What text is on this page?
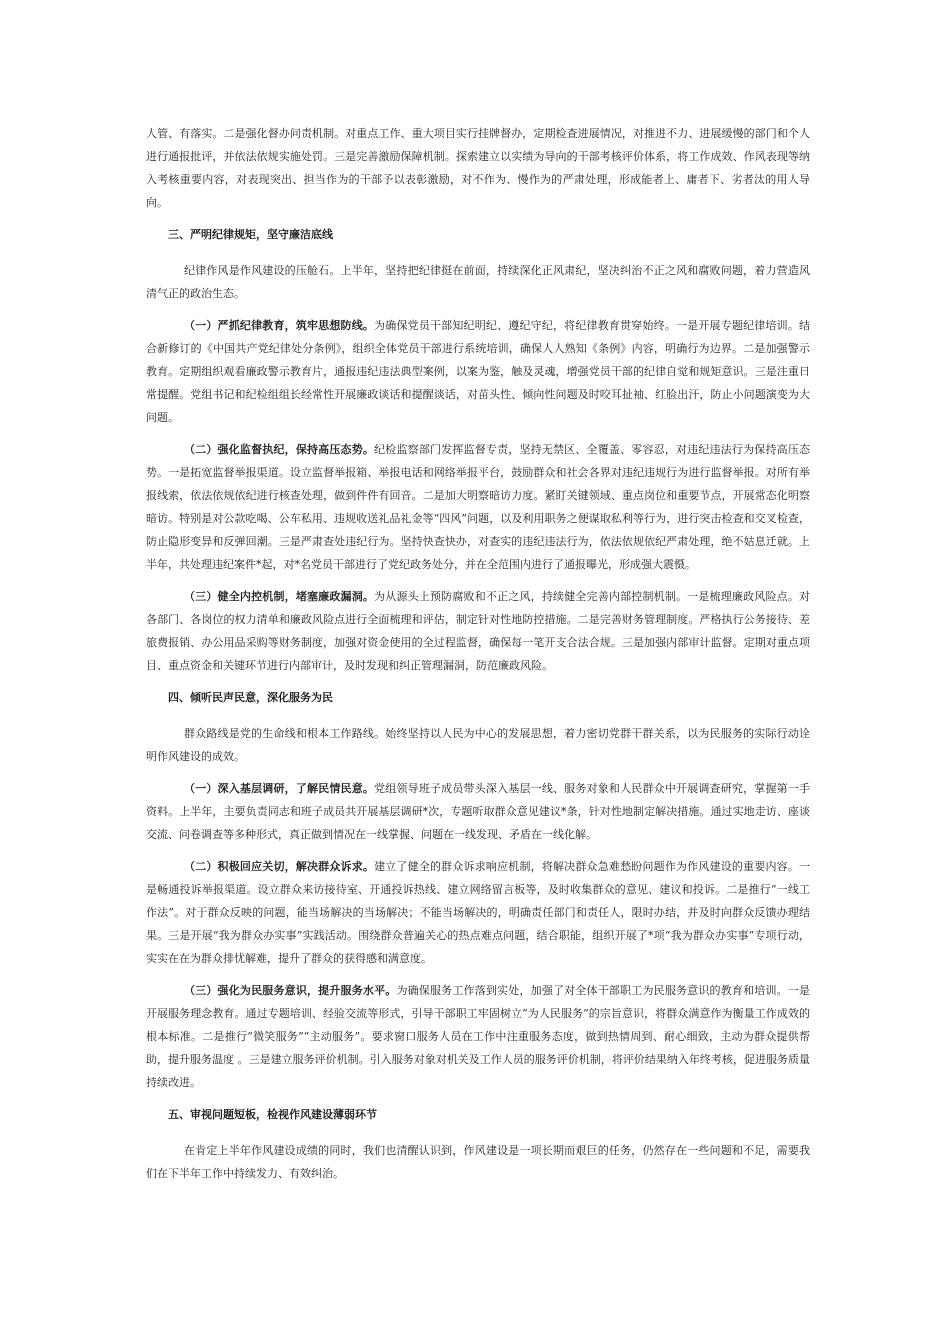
人管、有落实。二是强化督办问责机制。对重点工作、重大项目实行挂牌督办，定期检查进展情况，对推进不力、进展缓慢的部门和个人进行通报批评，并依法依规实施处罚。三是完善激励保障机制。探索建立以实绩为导向的干部考核评价体系，将工作成效、作风表现等纳入考核重要内容，对表现突出、担当作为的干部予以表彰激励，对不作为、慢作为的严肃处理，形成能者上、庸者下、劣者汰的用人导向。

三、严明纪律规矩，坚守廉洁底线

纪律作风是作风建设的压舱石。上半年，坚持把纪律挺在前面，持续深化正风肃纪，坚决纠治不正之风和腐败问题，着力营造风清气正的政治生态。

（一）严抓纪律教育，筑牢思想防线。为确保党员干部知纪明纪、遵纪守纪，将纪律教育贯穿始终。一是开展专题纪律培训。结合新修订的《中国共产党纪律处分条例》，组织全体党员干部进行系统培训，确保人人熟知《条例》内容，明确行为边界。二是加强警示教育。定期组织观看廉政警示教育片，通报违纪违法典型案例，以案为鉴，触及灵魂，增强党员干部的纪律自觉和规矩意识。三是注重日常提醒。党组书记和纪检组组长经常性开展廉政谈话和提醒谈话，对苗头性、倾向性问题及时咬耳扯袖、红脸出汗，防止小问题演变为大问题。

（二）强化监督执纪，保持高压态势。纪检监察部门发挥监督专责，坚持无禁区、全覆盖、零容忍，对违纪违法行为保持高压态势。一是拓宽监督举报渠道。设立监督举报箱、举报电话和网络举报平台，鼓励群众和社会各界对违纪违规行为进行监督举报。对所有举报线索，依法依规依纪进行核查处理，做到件件有回音。二是加大明察暗访力度。紧盯关键领域、重点岗位和重要节点，开展常态化明察暗访。特别是对公款吃喝、公车私用、违规收送礼品礼金等“四风”问题，以及利用职务之便谋取私利等行为，进行突击检查和交叉检查，防止隐形变异和反弹回潮。三是严肃查处违纪行为。坚持快查快办，对查实的违纪违法行为，依法依规依纪严肃处理，绝不姑息迁就。上半年，共处理违纪案件*起，对*名党员干部进行了党纪政务处分，并在全范围内进行了通报曝光，形成强大震慑。

（三）健全内控机制，堵塞廉政漏洞。为从源头上预防腐败和不正之风，持续健全完善内部控制机制。一是梳理廉政风险点。对各部门、各岗位的权力清单和廉政风险点进行全面梳理和评估，制定针对性地防控措施。二是完善财务管理制度。严格执行公务接待、差旅费报销、办公用品采购等财务制度，加强对资金使用的全过程监督，确保每一笔开支合法合规。三是加强内部审计监督。定期对重点项目、重点资金和关键环节进行内部审计，及时发现和纠正管理漏洞，防范廉政风险。

四、倾听民声民意，深化服务为民

群众路线是党的生命线和根本工作路线。始终坚持以人民为中心的发展思想，着力密切党群干群关系，以为民服务的实际行动诠明作风建设的成效。

（一）深入基层调研，了解民情民意。党组领导班子成员带头深入基层一线、服务对象和人民群众中开展调查研究，掌握第一手资料。上半年，主要负责同志和班子成员共开展基层调研*次，专题听取群众意见建议*条，针对性地制定解决措施。通过实地走访、座谈交流、问卷调查等多种形式，真正做到情况在一线掌握、问题在一线发现、矛盾在一线化解。

（二）积极回应关切，解决群众诉求。建立了健全的群众诉求响应机制，将解决群众急难愁盼问题作为作风建设的重要内容。一是畅通投诉举报渠道。设立群众来访接待室、开通投诉热线、建立网络留言板等，及时收集群众的意见、建议和投诉。二是推行“一线工作法”。对于群众反映的问题，能当场解决的当场解决；不能当场解决的，明确责任部门和责任人，限时办结，并及时向群众反馈办理结果。三是开展“我为群众办实事”实践活动。围绕群众普遍关心的热点难点问题，结合职能，组织开展了*项“我为群众办实事”专项行动，实实在在为群众排忧解难，提升了群众的获得感和满意度。

（三）强化为民服务意识，提升服务水平。为确保服务工作落到实处，加强了对全体干部职工为民服务意识的教育和培训。一是开展服务理念教育。通过专题培训、经验交流等形式，引导干部职工牢固树立“为人民服务”的宗旨意识，将群众满意作为衡量工作成效的根本标准。二是推行“微笑服务”“主动服务”。要求窗口服务人员在工作中注重服务态度，做到热情周到、耐心细致，主动为群众提供帮助，提升服务温度 。三是建立服务评价机制。引入服务对象对机关及工作人员的服务评价机制，将评价结果纳入年终考核，促进服务质量持续改进。

五、审视问题短板，检视作风建设薄弱环节

在肯定上半年作风建设成绩的同时，我们也清醒认识到，作风建设是一项长期而艰巨的任务，仍然存在一些问题和不足，需要我们在下半年工作中持续发力、有效纠治。
